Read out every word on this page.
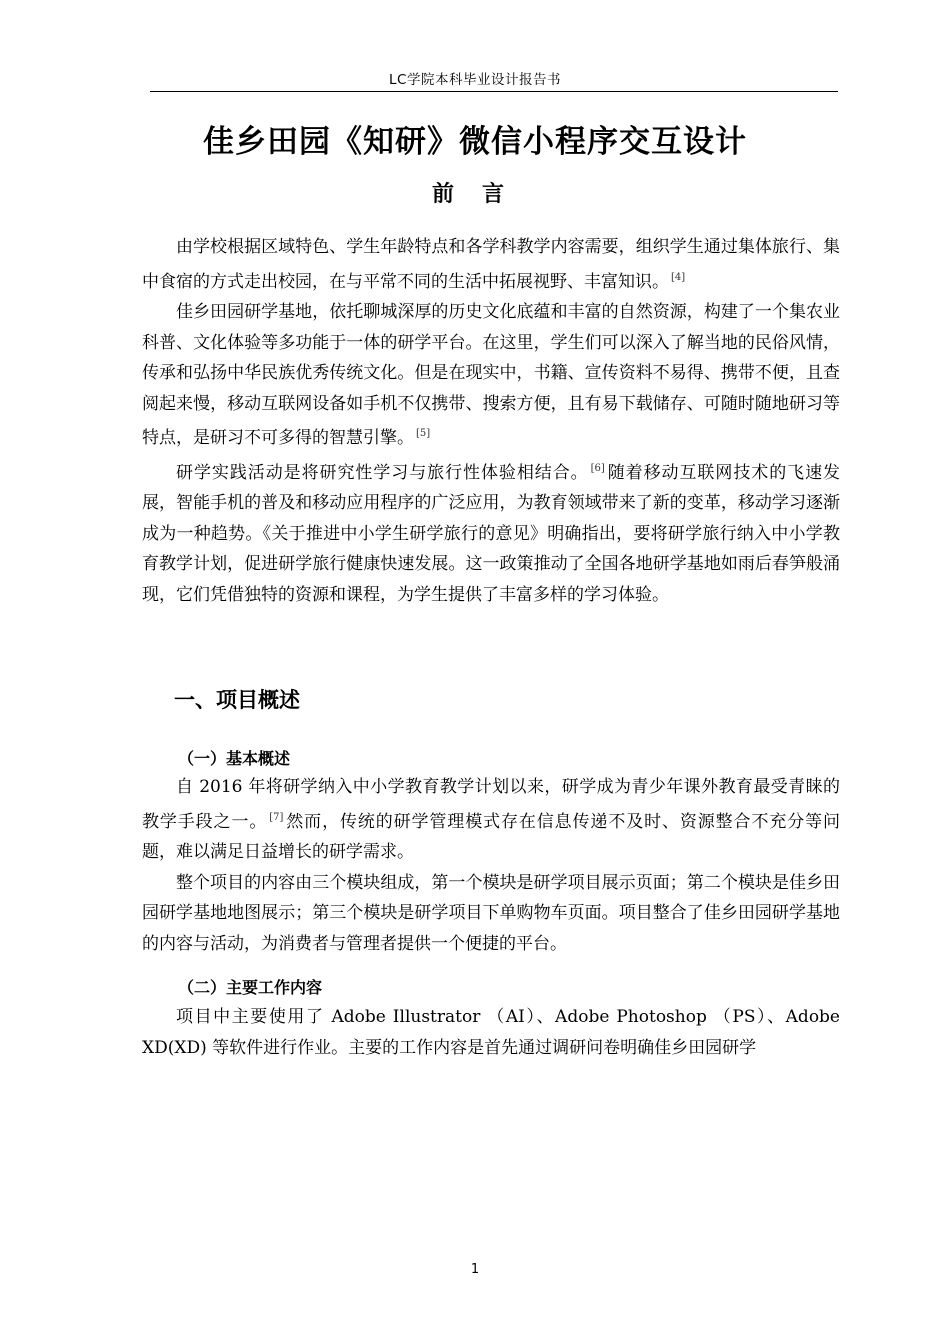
LC学院本科毕业设计报告书
佳乡田园《知研》微信小程序交互设计
前言

由学校根据区域特色、学生年龄特点和各学科教学内容需要，组织学生通过集体旅行、集中食宿的方式走出校园，在与平常不同的生活中拓展视野、丰富知识。 [4]

佳乡田园研学基地，依托聊城深厚的历史文化底蕴和丰富的自然资源，构建了一个集农业科普、文化体验等多功能于一体的研学平台。在这里，学生们可以深入了解当地的民俗风情，传承和弘扬中华民族优秀传统文化。但是在现实中，书籍、宣传资料不易得、携带不便，且查阅起来慢，移动互联网设备如手机不仅携带、搜索方便，且有易下载储存、可随时随地研习等特点，是研习不可多得的智慧引擎。 [5]

研学实践活动是将研究性学习与旅行性体验相结合。 [6] 随着移动互联网技术的飞速发展，智能手机的普及和移动应用程序的广泛应用，为教育领域带来了新的变革，移动学习逐渐成为一种趋势。《关于推进中小学生研学旅行的意见》明确指出，要将研学旅行纳入中小学教育教学计划，促进研学旅行健康快速发展。这一政策推动了全国各地研学基地如雨后春笋般涌现，它们凭借独特的资源和课程，为学生提供了丰富多样的学习体验。

一、项目概述
（一）基本概述

自 2016 年将研学纳入中小学教育教学计划以来，研学成为青少年课外教育最受青睐的教学手段之一。 [7] 然而，传统的研学管理模式存在信息传递不及时、资源整合不充分等问题，难以满足日益增长的研学需求。

整个项目的内容由三个模块组成，第一个模块是研学项目展示页面；第二个模块是佳乡田园研学基地地图展示；第三个模块是研学项目下单购物车页面。项目整合了佳乡田园研学基地的内容与活动，为消费者与管理者提供一个便捷的平台。

（二）主要工作内容

项目中主要使用了 Adobe Illustrator （AI）、Adobe Photoshop （PS）、Adobe XD(XD) 等软件进行作业。主要的工作内容是首先通过调研问卷明确佳乡田园研学

1
